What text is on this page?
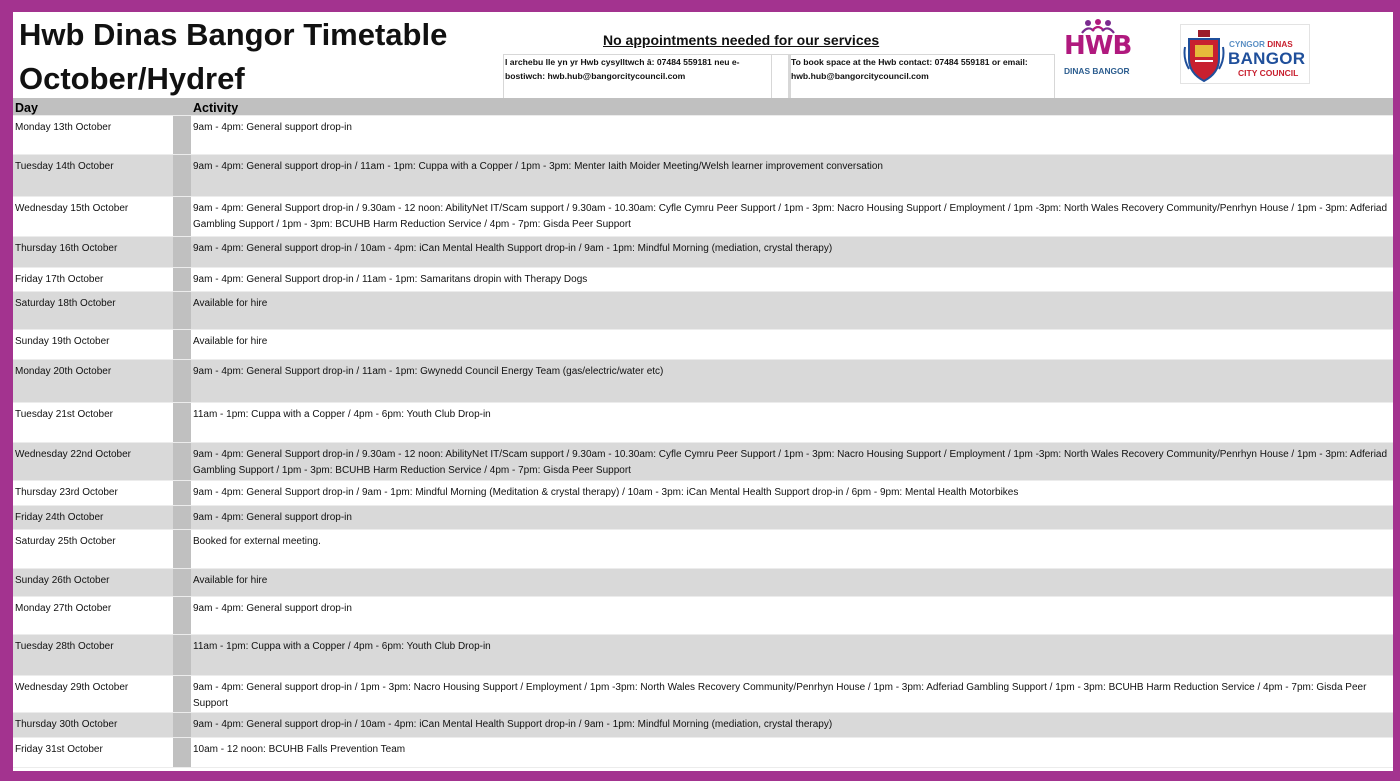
Hwb Dinas Bangor Timetable
October/Hydref
No appointments needed for our services
I archebu lle yn yr Hwb cysylltwch â: 07484 559181 neu e-bostiwch: hwb.hub@bangorcitycouncil.com
To book space at the Hwb contact: 07484 559181 or email: hwb.hub@bangorcitycouncil.com
HWB
DINAS BANGOR
CYNGOR DINAS
BANGOR
CITY COUNCIL
Day	Activity
Monday 13th October	9am - 4pm: General support drop-in
Tuesday 14th October	9am - 4pm: General support drop-in / 11am - 1pm: Cuppa with a Copper / 1pm - 3pm: Menter Iaith Moider Meeting/Welsh learner improvement conversation
Wednesday 15th October	9am - 4pm: General Support drop-in / 9.30am - 12 noon: AbilityNet IT/Scam support / 9.30am - 10.30am: Cyfle Cymru Peer Support / 1pm - 3pm: Nacro Housing Support / Employment / 1pm -3pm: North Wales Recovery Community/Penrhyn House / 1pm - 3pm: Adferiad Gambling Support / 1pm - 3pm: BCUHB Harm Reduction Service / 4pm - 7pm: Gisda Peer Support
Thursday 16th October	9am - 4pm: General support drop-in / 10am - 4pm: iCan Mental Health Support drop-in / 9am - 1pm: Mindful Morning (mediation, crystal therapy)
Friday 17th October	9am - 4pm: General Support drop-in / 11am - 1pm: Samaritans dropin with Therapy Dogs
Saturday 18th October	Available for hire
Sunday 19th October	Available for hire
Monday 20th October	9am - 4pm: General Support drop-in / 11am - 1pm: Gwynedd Council Energy Team (gas/electric/water etc)
Tuesday 21st October	11am - 1pm: Cuppa with a Copper / 4pm - 6pm: Youth Club Drop-in
Wednesday 22nd October	9am - 4pm: General Support drop-in / 9.30am - 12 noon: AbilityNet IT/Scam support / 9.30am - 10.30am: Cyfle Cymru Peer Support / 1pm - 3pm: Nacro Housing Support / Employment / 1pm -3pm: North Wales Recovery Community/Penrhyn House / 1pm - 3pm: Adferiad Gambling Support / 1pm - 3pm: BCUHB Harm Reduction Service / 4pm - 7pm: Gisda Peer Support
Thursday 23rd October	9am - 4pm: General Support drop-in / 9am - 1pm: Mindful Morning (Meditation & crystal therapy) / 10am - 3pm: iCan Mental Health Support drop-in / 6pm - 9pm: Mental Health Motorbikes
Friday 24th October	9am - 4pm: General support drop-in
Saturday 25th October	Booked for external meeting.
Sunday 26th October	Available for hire
Monday 27th October	9am - 4pm: General support drop-in
Tuesday 28th October	11am - 1pm: Cuppa with a Copper / 4pm - 6pm: Youth Club Drop-in
Wednesday 29th October	9am - 4pm: General support drop-in / 1pm - 3pm: Nacro Housing Support / Employment / 1pm -3pm: North Wales Recovery Community/Penrhyn House / 1pm - 3pm: Adferiad Gambling Support / 1pm - 3pm: BCUHB Harm Reduction Service / 4pm - 7pm: Gisda Peer Support
Thursday 30th October	9am - 4pm: General support drop-in / 10am - 4pm: iCan Mental Health Support drop-in / 9am - 1pm: Mindful Morning (mediation, crystal therapy)
Friday 31st October	10am - 12 noon: BCUHB Falls Prevention Team
